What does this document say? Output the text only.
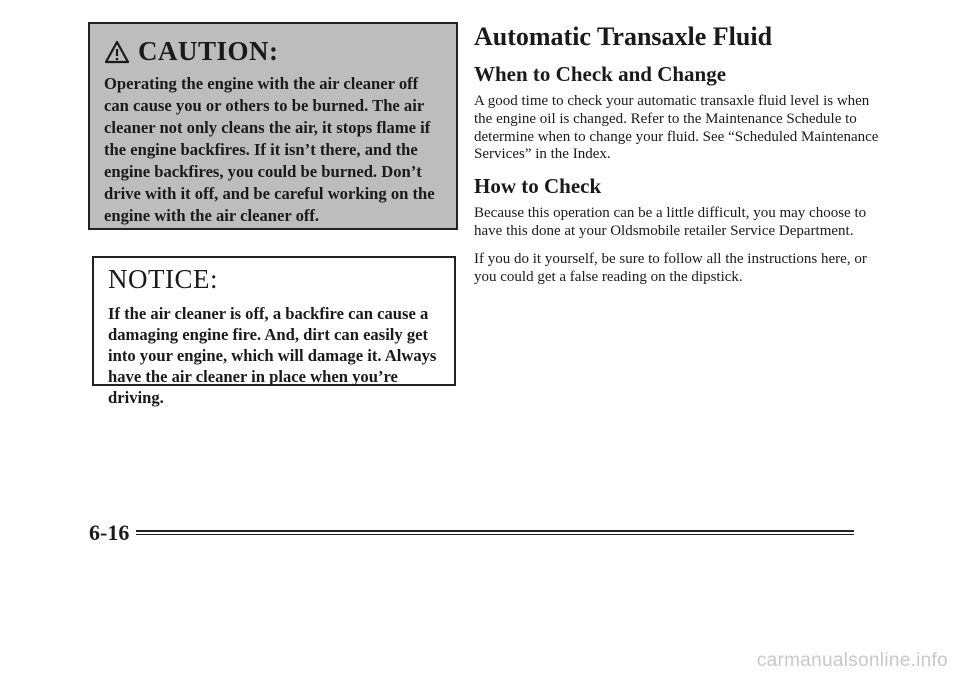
CAUTION:

Operating the engine with the air cleaner off can cause you or others to be burned. The air cleaner not only cleans the air, it stops flame if the engine backfires. If it isn’t there, and the engine backfires, you could be burned. Don’t drive with it off, and be careful working on the engine with the air cleaner off.

NOTICE:

If the air cleaner is off, a backfire can cause a damaging engine fire. And, dirt can easily get into your engine, which will damage it. Always have the air cleaner in place when you’re driving.

Automatic Transaxle Fluid
When to Check and Change

A good time to check your automatic transaxle fluid level is when the engine oil is changed. Refer to the Maintenance Schedule to determine when to change your fluid. See “Scheduled Maintenance Services” in the Index.

How to Check

Because this operation can be a little difficult, you may choose to have this done at your Oldsmobile retailer Service Department.

If you do it yourself, be sure to follow all the instructions here, or you could get a false reading on the dipstick.

6-16
carmanualsonline.info
